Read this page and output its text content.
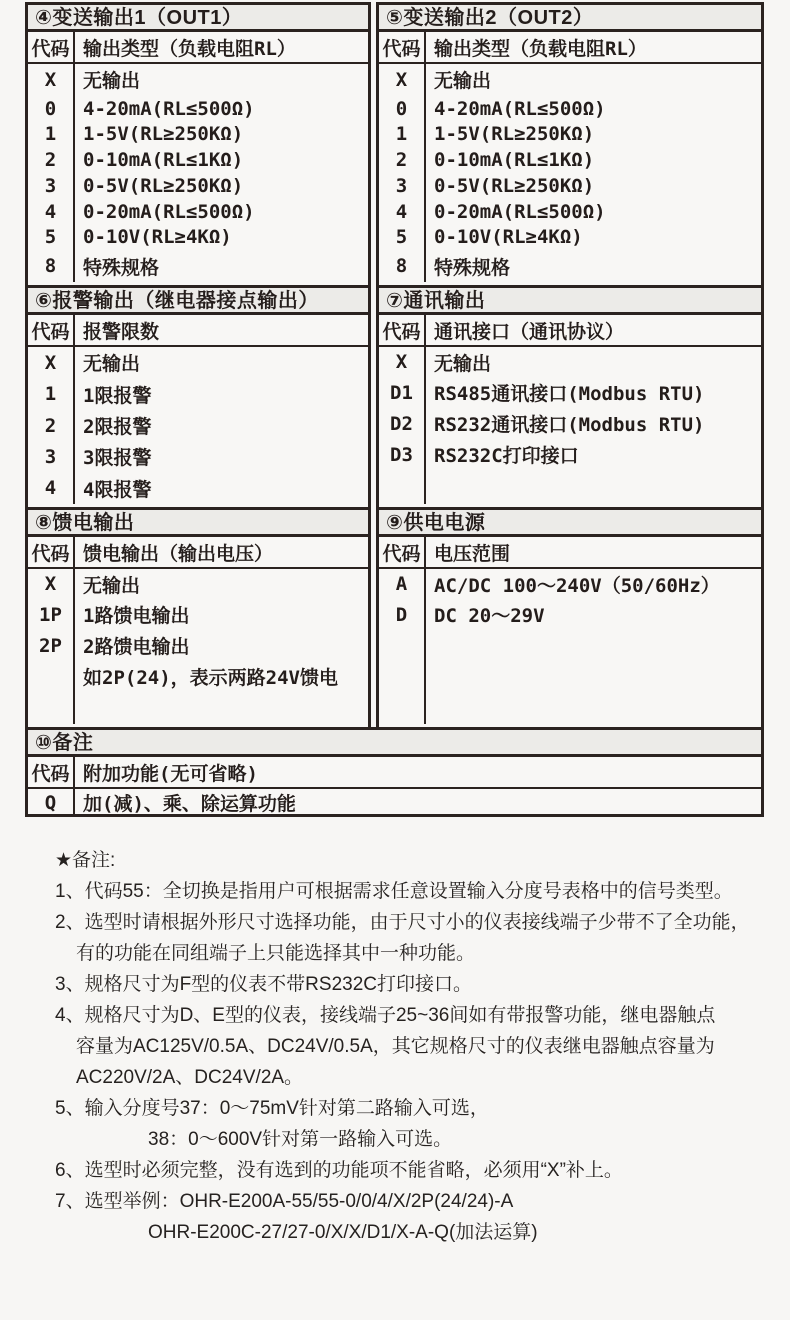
④变送输出1（OUT1）
代码	输出类型（负载电阻RL）
X	无输出
0	4-20mA(RL≤500Ω)
1	1-5V(RL≥250KΩ)
2	0-10mA(RL≤1KΩ)
3	0-5V(RL≥250KΩ)
4	0-20mA(RL≤500Ω)
5	0-10V(RL≥4KΩ)
8	特殊规格
⑤变送输出2（OUT2）
代码	输出类型（负载电阻RL）
X	无输出
0	4-20mA(RL≤500Ω)
1	1-5V(RL≥250KΩ)
2	0-10mA(RL≤1KΩ)
3	0-5V(RL≥250KΩ)
4	0-20mA(RL≤500Ω)
5	0-10V(RL≥4KΩ)
8	特殊规格
⑥报警输出（继电器接点输出）
代码	报警限数
X	无输出
1	1限报警
2	2限报警
3	3限报警
4	4限报警
⑦通讯输出
代码	通讯接口（通讯协议）
X	无输出
D1	RS485通讯接口(Modbus RTU)
D2	RS232通讯接口(Modbus RTU)
D3	RS232C打印接口

⑧馈电输出
代码	馈电输出（输出电压）
X	无输出
1P	1路馈电输出
2P	2路馈电输出
	如2P(24)，表示两路24V馈电

⑨供电电源
代码	电压范围
A	AC/DC 100～240V（50/60Hz）
D	DC 20～29V

⑩备注
代码	附加功能(无可省略)
Q	加(减)、乘、除运算功能
★备注:
1、代码55：全切换是指用户可根据需求任意设置输入分度号表格中的信号类型。
2、选型时请根据外形尺寸选择功能，由于尺寸小的仪表接线端子少带不了全功能，
有的功能在同组端子上只能选择其中一种功能。
3、规格尺寸为F型的仪表不带RS232C打印接口。
4、规格尺寸为D、E型的仪表，接线端子25~36间如有带报警功能，继电器触点
容量为AC125V/0.5A、DC24V/0.5A，其它规格尺寸的仪表继电器触点容量为
AC220V/2A、DC24V/2A。
5、输入分度号37：0～75mV针对第二路输入可选，
38：0～600V针对第一路输入可选。
6、选型时必须完整，没有选到的功能项不能省略，必须用“X”补上。
7、选型举例：OHR-E200A-55/55-0/0/4/X/2P(24/24)-A
OHR-E200C-27/27-0/X/X/D1/X-A-Q(加法运算)
